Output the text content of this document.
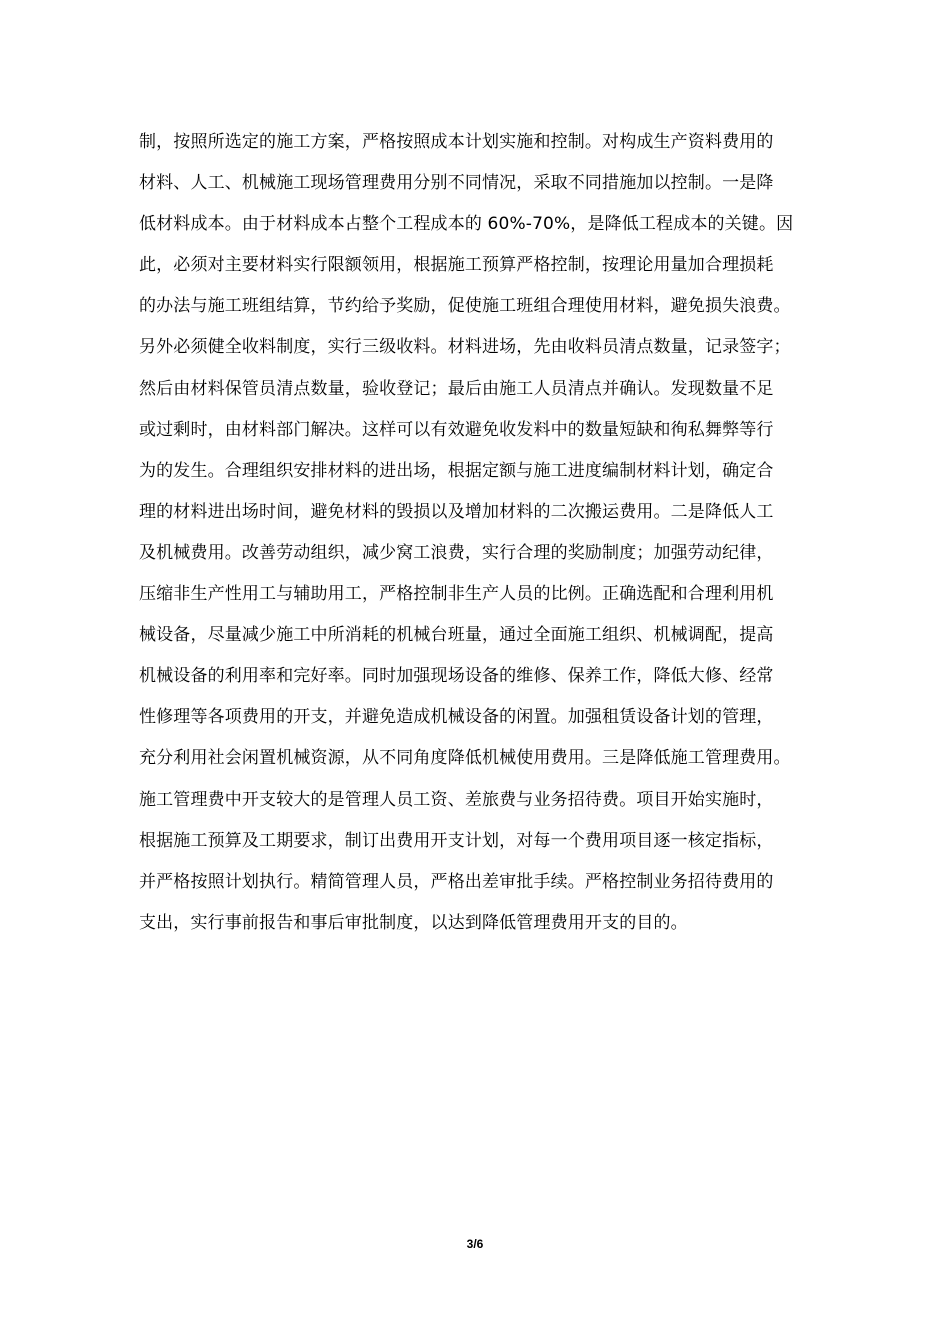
制，按照所选定的施工方案，严格按照成本计划实施和控制。对构成生产资料费用的
材料、人工、机械施工现场管理费用分别不同情况，采取不同措施加以控制。一是降
低材料成本。由于材料成本占整个工程成本的 60%-70%，是降低工程成本的关键。因
此，必须对主要材料实行限额领用，根据施工预算严格控制，按理论用量加合理损耗
的办法与施工班组结算，节约给予奖励，促使施工班组合理使用材料，避免损失浪费。
另外必须健全收料制度，实行三级收料。材料进场，先由收料员清点数量，记录签字；
然后由材料保管员清点数量，验收登记；最后由施工人员清点并确认。发现数量不足
或过剩时，由材料部门解决。这样可以有效避免收发料中的数量短缺和徇私舞弊等行
为的发生。合理组织安排材料的进出场，根据定额与施工进度编制材料计划，确定合
理的材料进出场时间，避免材料的毁损以及增加材料的二次搬运费用。二是降低人工
及机械费用。改善劳动组织，减少窝工浪费，实行合理的奖励制度；加强劳动纪律，
压缩非生产性用工与辅助用工，严格控制非生产人员的比例。正确选配和合理利用机
械设备，尽量减少施工中所消耗的机械台班量，通过全面施工组织、机械调配，提高
机械设备的利用率和完好率。同时加强现场设备的维修、保养工作，降低大修、经常
性修理等各项费用的开支，并避免造成机械设备的闲置。加强租赁设备计划的管理，
充分利用社会闲置机械资源，从不同角度降低机械使用费用。三是降低施工管理费用。
施工管理费中开支较大的是管理人员工资、差旅费与业务招待费。项目开始实施时，
根据施工预算及工期要求，制订出费用开支计划，对每一个费用项目逐一核定指标，
并严格按照计划执行。精简管理人员，严格出差审批手续。严格控制业务招待费用的
支出，实行事前报告和事后审批制度，以达到降低管理费用开支的目的。
3/6
